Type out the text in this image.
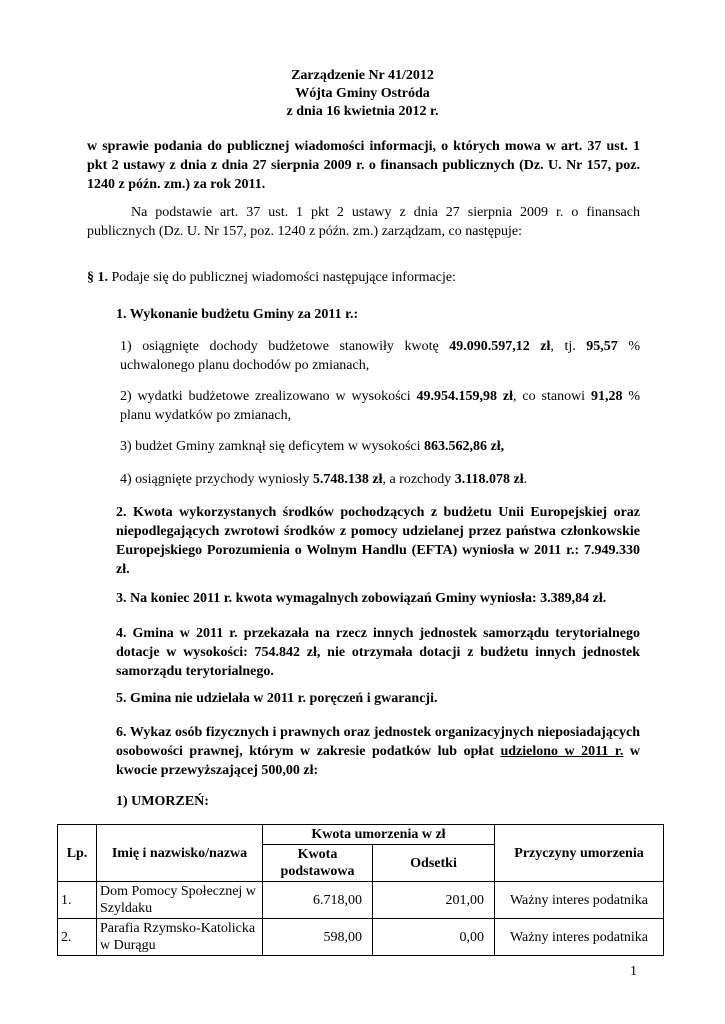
Zarządzenie Nr 41/2012
Wójta Gminy Ostróda
z dnia 16 kwietnia 2012 r.
w sprawie podania do publicznej wiadomości informacji, o których mowa w art. 37 ust. 1 pkt 2 ustawy z dnia z dnia 27 sierpnia 2009 r. o finansach publicznych (Dz. U. Nr 157, poz. 1240 z późn. zm.) za rok 2011.
Na podstawie art. 37 ust. 1 pkt 2 ustawy z dnia 27 sierpnia 2009 r. o finansach publicznych (Dz. U. Nr 157, poz. 1240 z późn. zm.) zarządzam, co następuje:
§ 1. Podaje się do publicznej wiadomości następujące informacje:
1. Wykonanie budżetu Gminy za 2011 r.:
1) osiągnięte dochody budżetowe stanowiły kwotę 49.090.597,12 zł, tj. 95,57 % uchwalonego planu dochodów po zmianach,
2) wydatki budżetowe zrealizowano w wysokości 49.954.159,98 zł, co stanowi 91,28 % planu wydatków po zmianach,
3) budżet Gminy zamknął się deficytem w wysokości 863.562,86 zł,
4) osiągnięte przychody wyniosły 5.748.138 zł, a rozchody 3.118.078 zł.
2. Kwota wykorzystanych środków pochodzących z budżetu Unii Europejskiej oraz niepodlegających zwrotowi środków z pomocy udzielanej przez państwa członkowskie Europejskiego Porozumienia o Wolnym Handlu (EFTA) wyniosła w 2011 r.: 7.949.330 zł.
3. Na koniec 2011 r. kwota wymagalnych zobowiązań Gminy wyniosła: 3.389,84 zł.
4. Gmina w 2011 r. przekazała na rzecz innych jednostek samorządu terytorialnego dotacje w wysokości: 754.842 zł, nie otrzymała dotacji z budżetu innych jednostek samorządu terytorialnego.
5. Gmina nie udzielała w 2011 r. poręczeń i gwarancji.
6. Wykaz osób fizycznych i prawnych oraz jednostek organizacyjnych nieposiadających osobowości prawnej, którym w zakresie podatków lub opłat udzielono w 2011 r. w kwocie przewyższającej 500,00 zł:
1) UMORZEŃ:
Lp.	Imię i nazwisko/nazwa	Kwota umorzenia w zł		Przyczyny umorzenia
		Kwota podstawowa	Odsetki	
1.	Dom Pomocy Społecznej w Szyldaku	6.718,00	201,00	Ważny interes podatnika
2.	Parafia Rzymsko-Katolicka w Durągu	598,00	0,00	Ważny interes podatnika
1
